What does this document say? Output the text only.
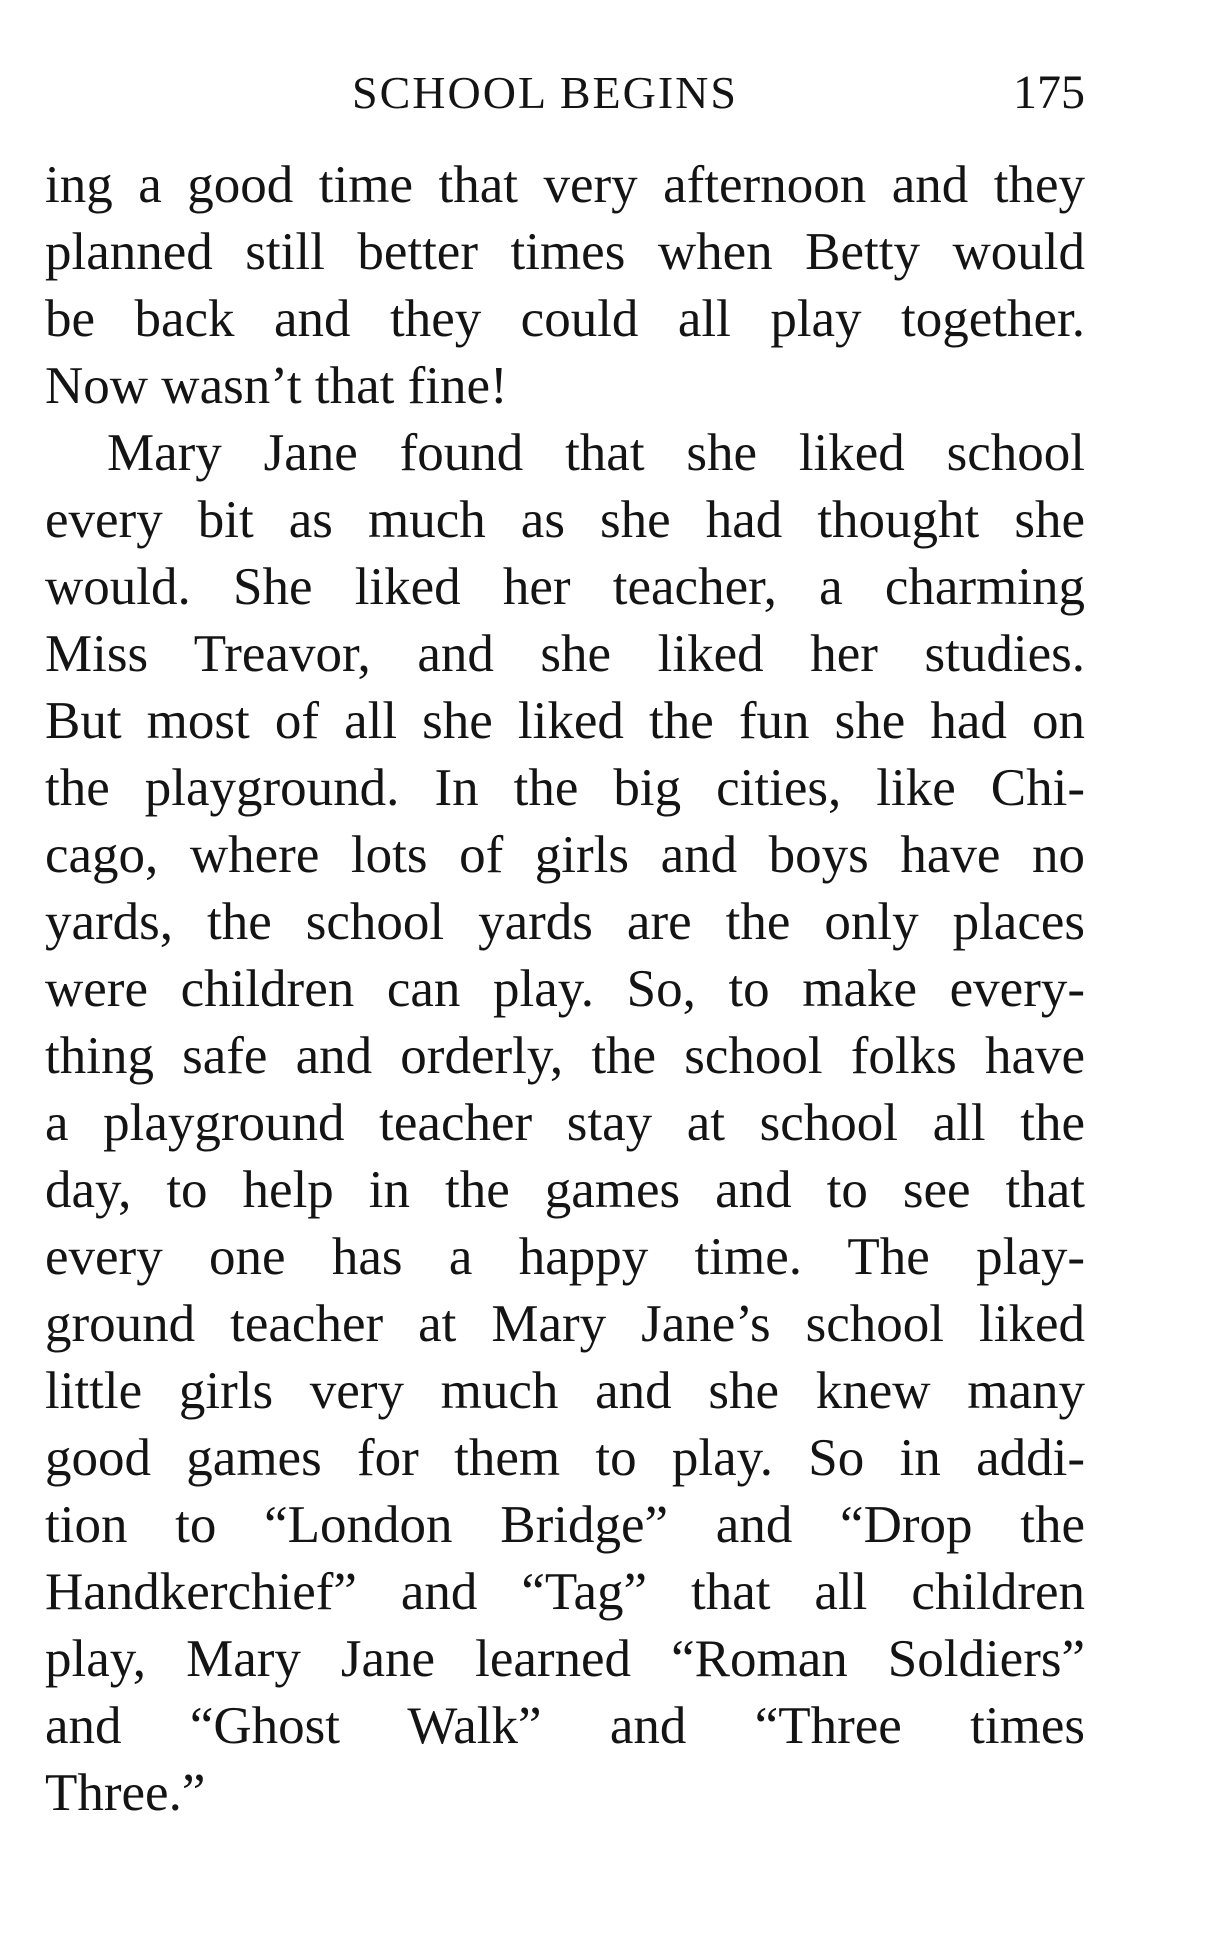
SCHOOL BEGINS	175
ing a good time that very afternoon and they
planned still better times when Betty would
be back and they could all play together.
Now wasn’t that fine!
Mary Jane found that she liked school
every bit as much as she had thought she
would. She liked her teacher, a charming
Miss Treavor, and she liked her studies.
But most of all she liked the fun she had on
the playground. In the big cities, like Chi-
cago, where lots of girls and boys have no
yards, the school yards are the only places
were children can play. So, to make every-
thing safe and orderly, the school folks have
a playground teacher stay at school all the
day, to help in the games and to see that
every one has a happy time. The play-
ground teacher at Mary Jane’s school liked
little girls very much and she knew many
good games for them to play. So in addi-
tion to “London Bridge” and “Drop the
Handkerchief” and “Tag” that all children
play, Mary Jane learned “Roman Soldiers”
and “Ghost Walk” and “Three times
Three.”
